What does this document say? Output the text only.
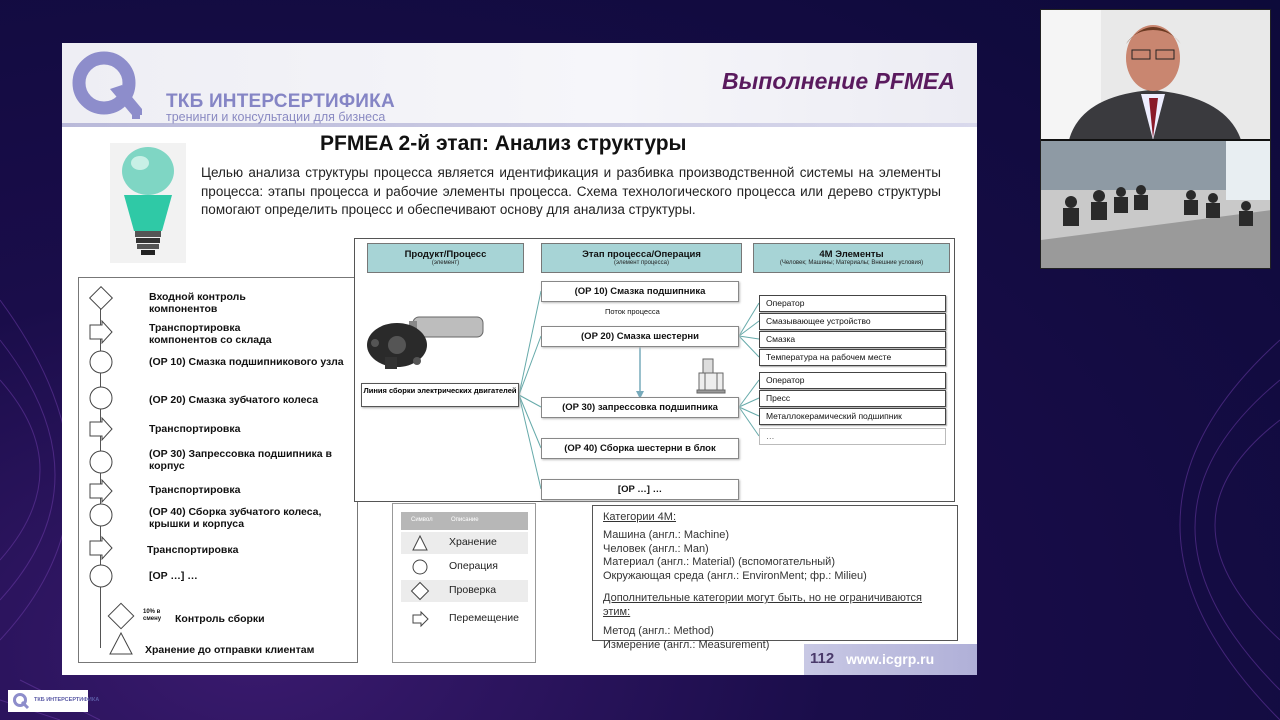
ТКБ ИНТЕРСЕРТИФИКА
тренинги и консультации для бизнеса
Выполнение PFMEA
PFMEA 2-й этап: Анализ структуры
Целью анализа структуры процесса является идентификация и разбивка производственной системы на элементы процесса: этапы процесса и рабочие элементы процесса. Схема технологического процесса или дерево структуры помогают определить процесс и обеспечивают основу для анализа структуры.
Входной контроль компонентов
Транспортировка компонентов со склада
(OP 10) Смазка подшипникового узла
(OP 20) Смазка зубчатого колеса
Транспортировка
(OP 30) Запрессовка подшипника в корпус
Транспортировка
(OP 40) Сборка зубчатого колеса, крышки и корпуса
Транспортировка
[OP …] …
10% в смену	Контроль сборки
Хранение до отправки клиентам
Продукт/Процесс
(элемент)
Этап процесса/Операция
(элемент процесса)
4M Элементы
(Человек; Машины; Материалы; Внешние условия)
Линия сборки электрических двигателей
Поток процесса
(OP 10) Смазка подшипника
(OP 20) Смазка шестерни
(OP 30) запрессовка подшипника
(OP 40) Сборка шестерни в блок
[OP …] …
Оператор
Смазывающее устройство
Смазка
Температура на рабочем месте
Оператор
Пресс
Металлокерамический подшипник
…
Символ	Описание
Хранение
Операция
Проверка
Перемещение
Категории 4M:
Машина (англ.: Machine)
Человек (англ.: Man)
Материал (англ.: Material) (вспомогательный)
Окружающая среда (англ.: EnvironMent; фр.: Milieu)
Дополнительные категории могут быть, но не ограничиваются этим:
Метод (англ.: Method)
Измерение (англ.: Measurement)
112 www.icgrp.ru
ТКБ ИНТЕРСЕРТИФИКА
